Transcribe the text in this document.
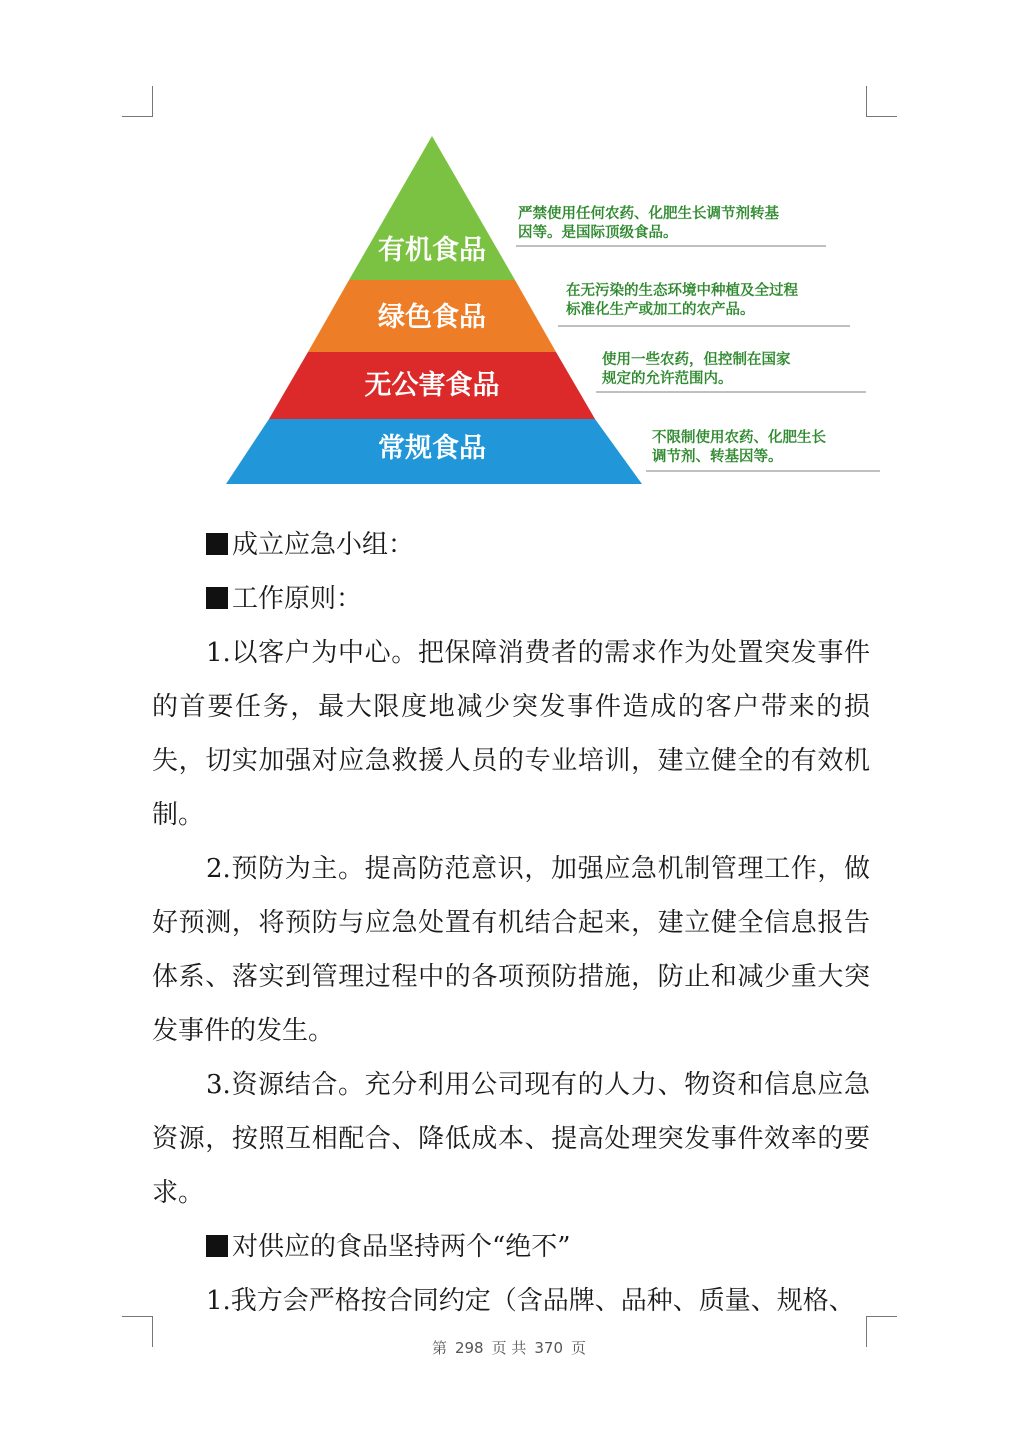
有机食品
绿色食品
无公害食品
常规食品
严禁使用任何农药、化肥生长调节剂转基
因等。是国际顶级食品。
在无污染的生态环境中种植及全过程
标准化生产或加工的农产品。
使用一些农药，但控制在国家
规定的允许范围内。
不限制使用农药、化肥生长
调节剂、转基因等。

成立应急小组：

工作原则：

1.以客户为中心。把保障消费者的需求作为处置突发事件的首要任务，最大限度地减少突发事件造成的客户带来的损失，切实加强对应急救援人员的专业培训，建立健全的有效机制。

2.预防为主。提高防范意识，加强应急机制管理工作，做好预测，将预防与应急处置有机结合起来，建立健全信息报告体系、落实到管理过程中的各项预防措施，防止和减少重大突发事件的发生。

3.资源结合。充分利用公司现有的人力、物资和信息应急资源，按照互相配合、降低成本、提高处理突发事件效率的要求。

对供应的食品坚持两个“绝不”

1.我方会严格按合同约定（含品牌、品种、质量、规格、

第 298 页 共 370 页
